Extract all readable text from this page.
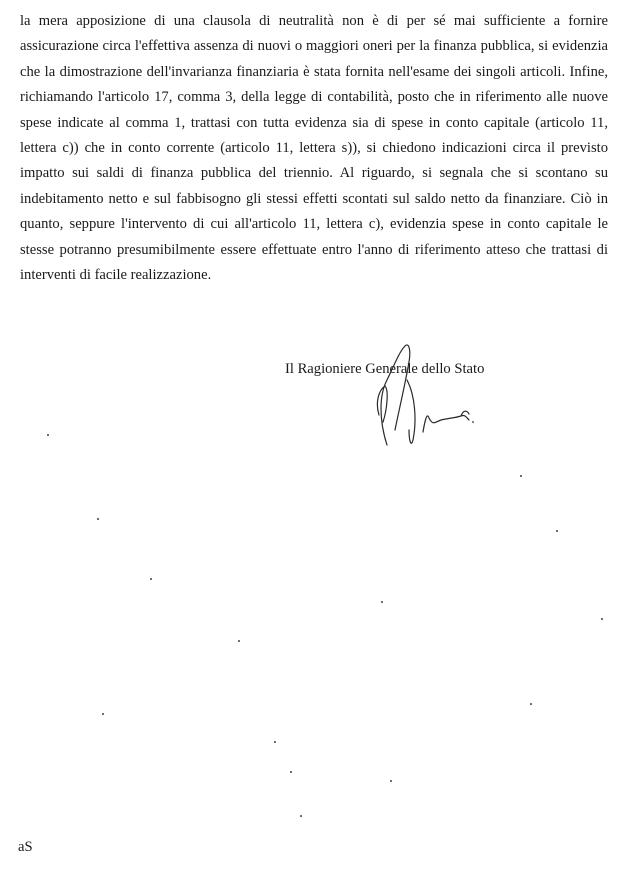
la mera apposizione di una clausola di neutralità non è di per sé mai sufficiente a fornire
assicurazione circa l'effettiva assenza di nuovi o maggiori oneri per la finanza pubblica, si evidenzia
che la dimostrazione dell'invarianza finanziaria è stata fornita nell'esame dei singoli articoli. Infine,
richiamando l'articolo 17, comma 3, della legge di contabilità, posto che in riferimento alle nuove
spese indicate al comma 1, trattasi con tutta evidenza sia di spese in conto capitale (articolo 11,
lettera c)) che in conto corrente (articolo 11, lettera s)), si chiedono indicazioni circa il previsto
impatto sui saldi di finanza pubblica del triennio. Al riguardo, si segnala che si scontano su
indebitamento netto e sul fabbisogno gli stessi effetti scontati sul saldo netto da finanziare. Ciò in
quanto, seppure l'intervento di cui all'articolo 11, lettera c), evidenzia spese in conto capitale le
stesse potranno presumibilmente essere effettuate entro l'anno di riferimento atteso che trattasi di
interventi di facile realizzazione.
Il Ragioniere Generale dello Stato
aS
